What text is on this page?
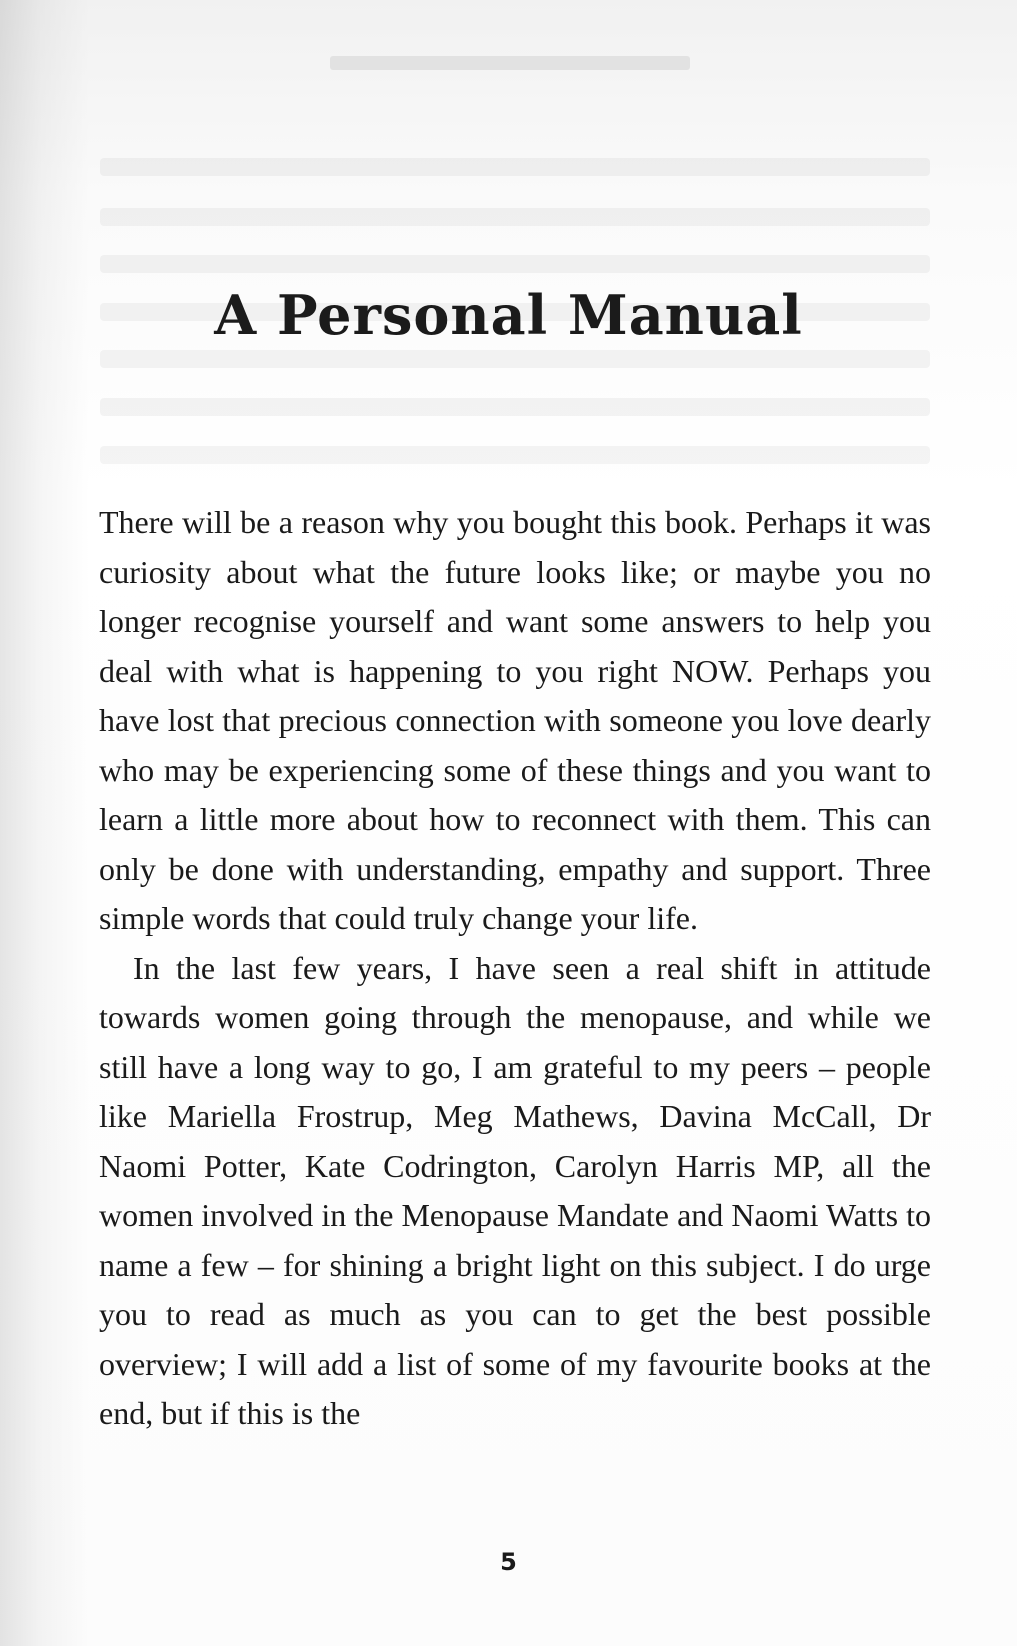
A Personal Manual

There will be a reason why you bought this book. Perhaps it was curiosity about what the future looks like; or maybe you no longer recognise yourself and want some answers to help you deal with what is happening to you right NOW. Perhaps you have lost that precious connection with someone you love dearly who may be experiencing some of these things and you want to learn a little more about how to reconnect with them. This can only be done with understanding, empathy and support. Three simple words that could truly change your life.

In the last few years, I have seen a real shift in attitude towards women going through the menopause, and while we still have a long way to go, I am grateful to my peers – people like Mariella Frostrup, Meg Mathews, Davina McCall, Dr Naomi Potter, Kate Codrington, Carolyn Harris MP, all the women involved in the Menopause Mandate and Naomi Watts to name a few – for shining a bright light on this subject. I do urge you to read as much as you can to get the best possible overview; I will add a list of some of my favourite books at the end, but if this is the

5
